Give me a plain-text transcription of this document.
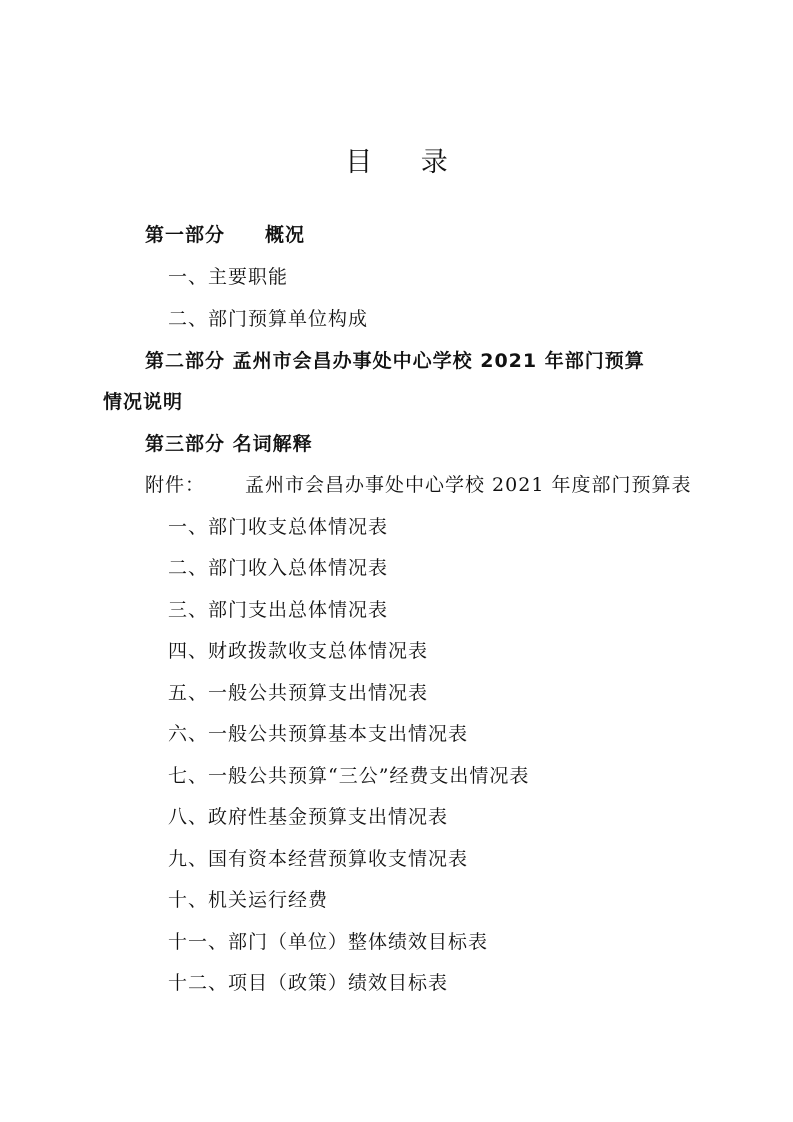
目 录
第一部分 概况
一、主要职能
二、部门预算单位构成
第二部分 孟州市会昌办事处中心学校 2021 年部门预算
情况说明
第三部分 名词解释
附件： 孟州市会昌办事处中心学校 2021 年度部门预算表
一、部门收支总体情况表
二、部门收入总体情况表
三、部门支出总体情况表
四、财政拨款收支总体情况表
五、一般公共预算支出情况表
六、一般公共预算基本支出情况表
七、一般公共预算“三公”经费支出情况表
八、政府性基金预算支出情况表
九、国有资本经营预算收支情况表
十、机关运行经费
十一、部门（单位）整体绩效目标表
十二、项目（政策）绩效目标表
